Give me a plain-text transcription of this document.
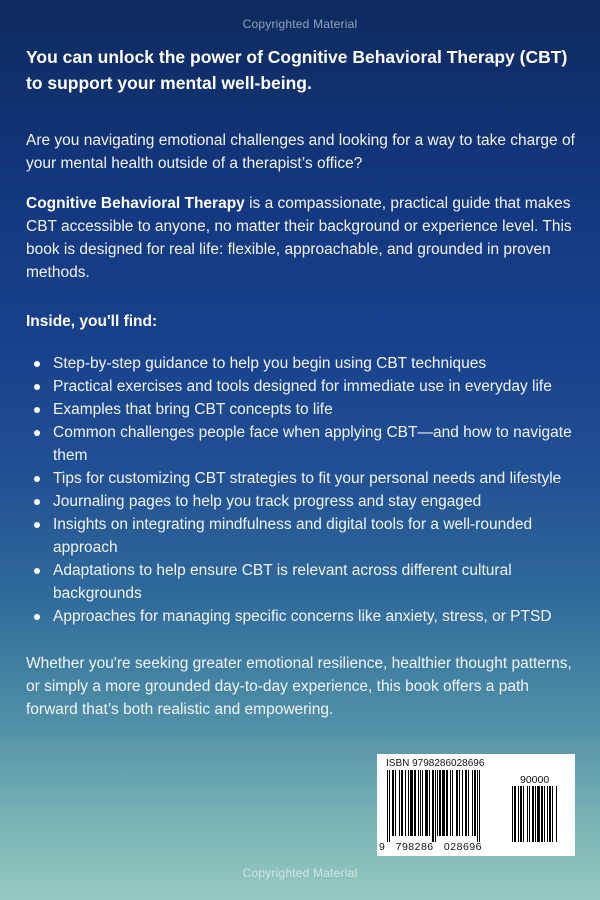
Copyrighted Material
You can unlock the power of Cognitive Behavioral Therapy (CBT) to support your mental well-being.

Are you navigating emotional challenges and looking for a way to take charge of your mental health outside of a therapist’s office?

Cognitive Behavioral Therapy is a compassionate, practical guide that makes CBT accessible to anyone, no matter their background or experience level. This book is designed for real life: flexible, approachable, and grounded in proven methods.

Inside, you'll find:

Step-by-step guidance to help you begin using CBT techniques
Practical exercises and tools designed for immediate use in everyday life
Examples that bring CBT concepts to life
Common challenges people face when applying CBT—and how to navigate them
Tips for customizing CBT strategies to fit your personal needs and lifestyle
Journaling pages to help you track progress and stay engaged
Insights on integrating mindfulness and digital tools for a well-rounded approach
Adaptations to help ensure CBT is relevant across different cultural backgrounds
Approaches for managing specific concerns like anxiety, stress, or PTSD

Whether you're seeking greater emotional resilience, healthier thought patterns, or simply a more grounded day-to-day experience, this book offers a path forward that’s both realistic and empowering.

ISBN 9798286028696
90000
9 798286 028696
Copyrighted Material
